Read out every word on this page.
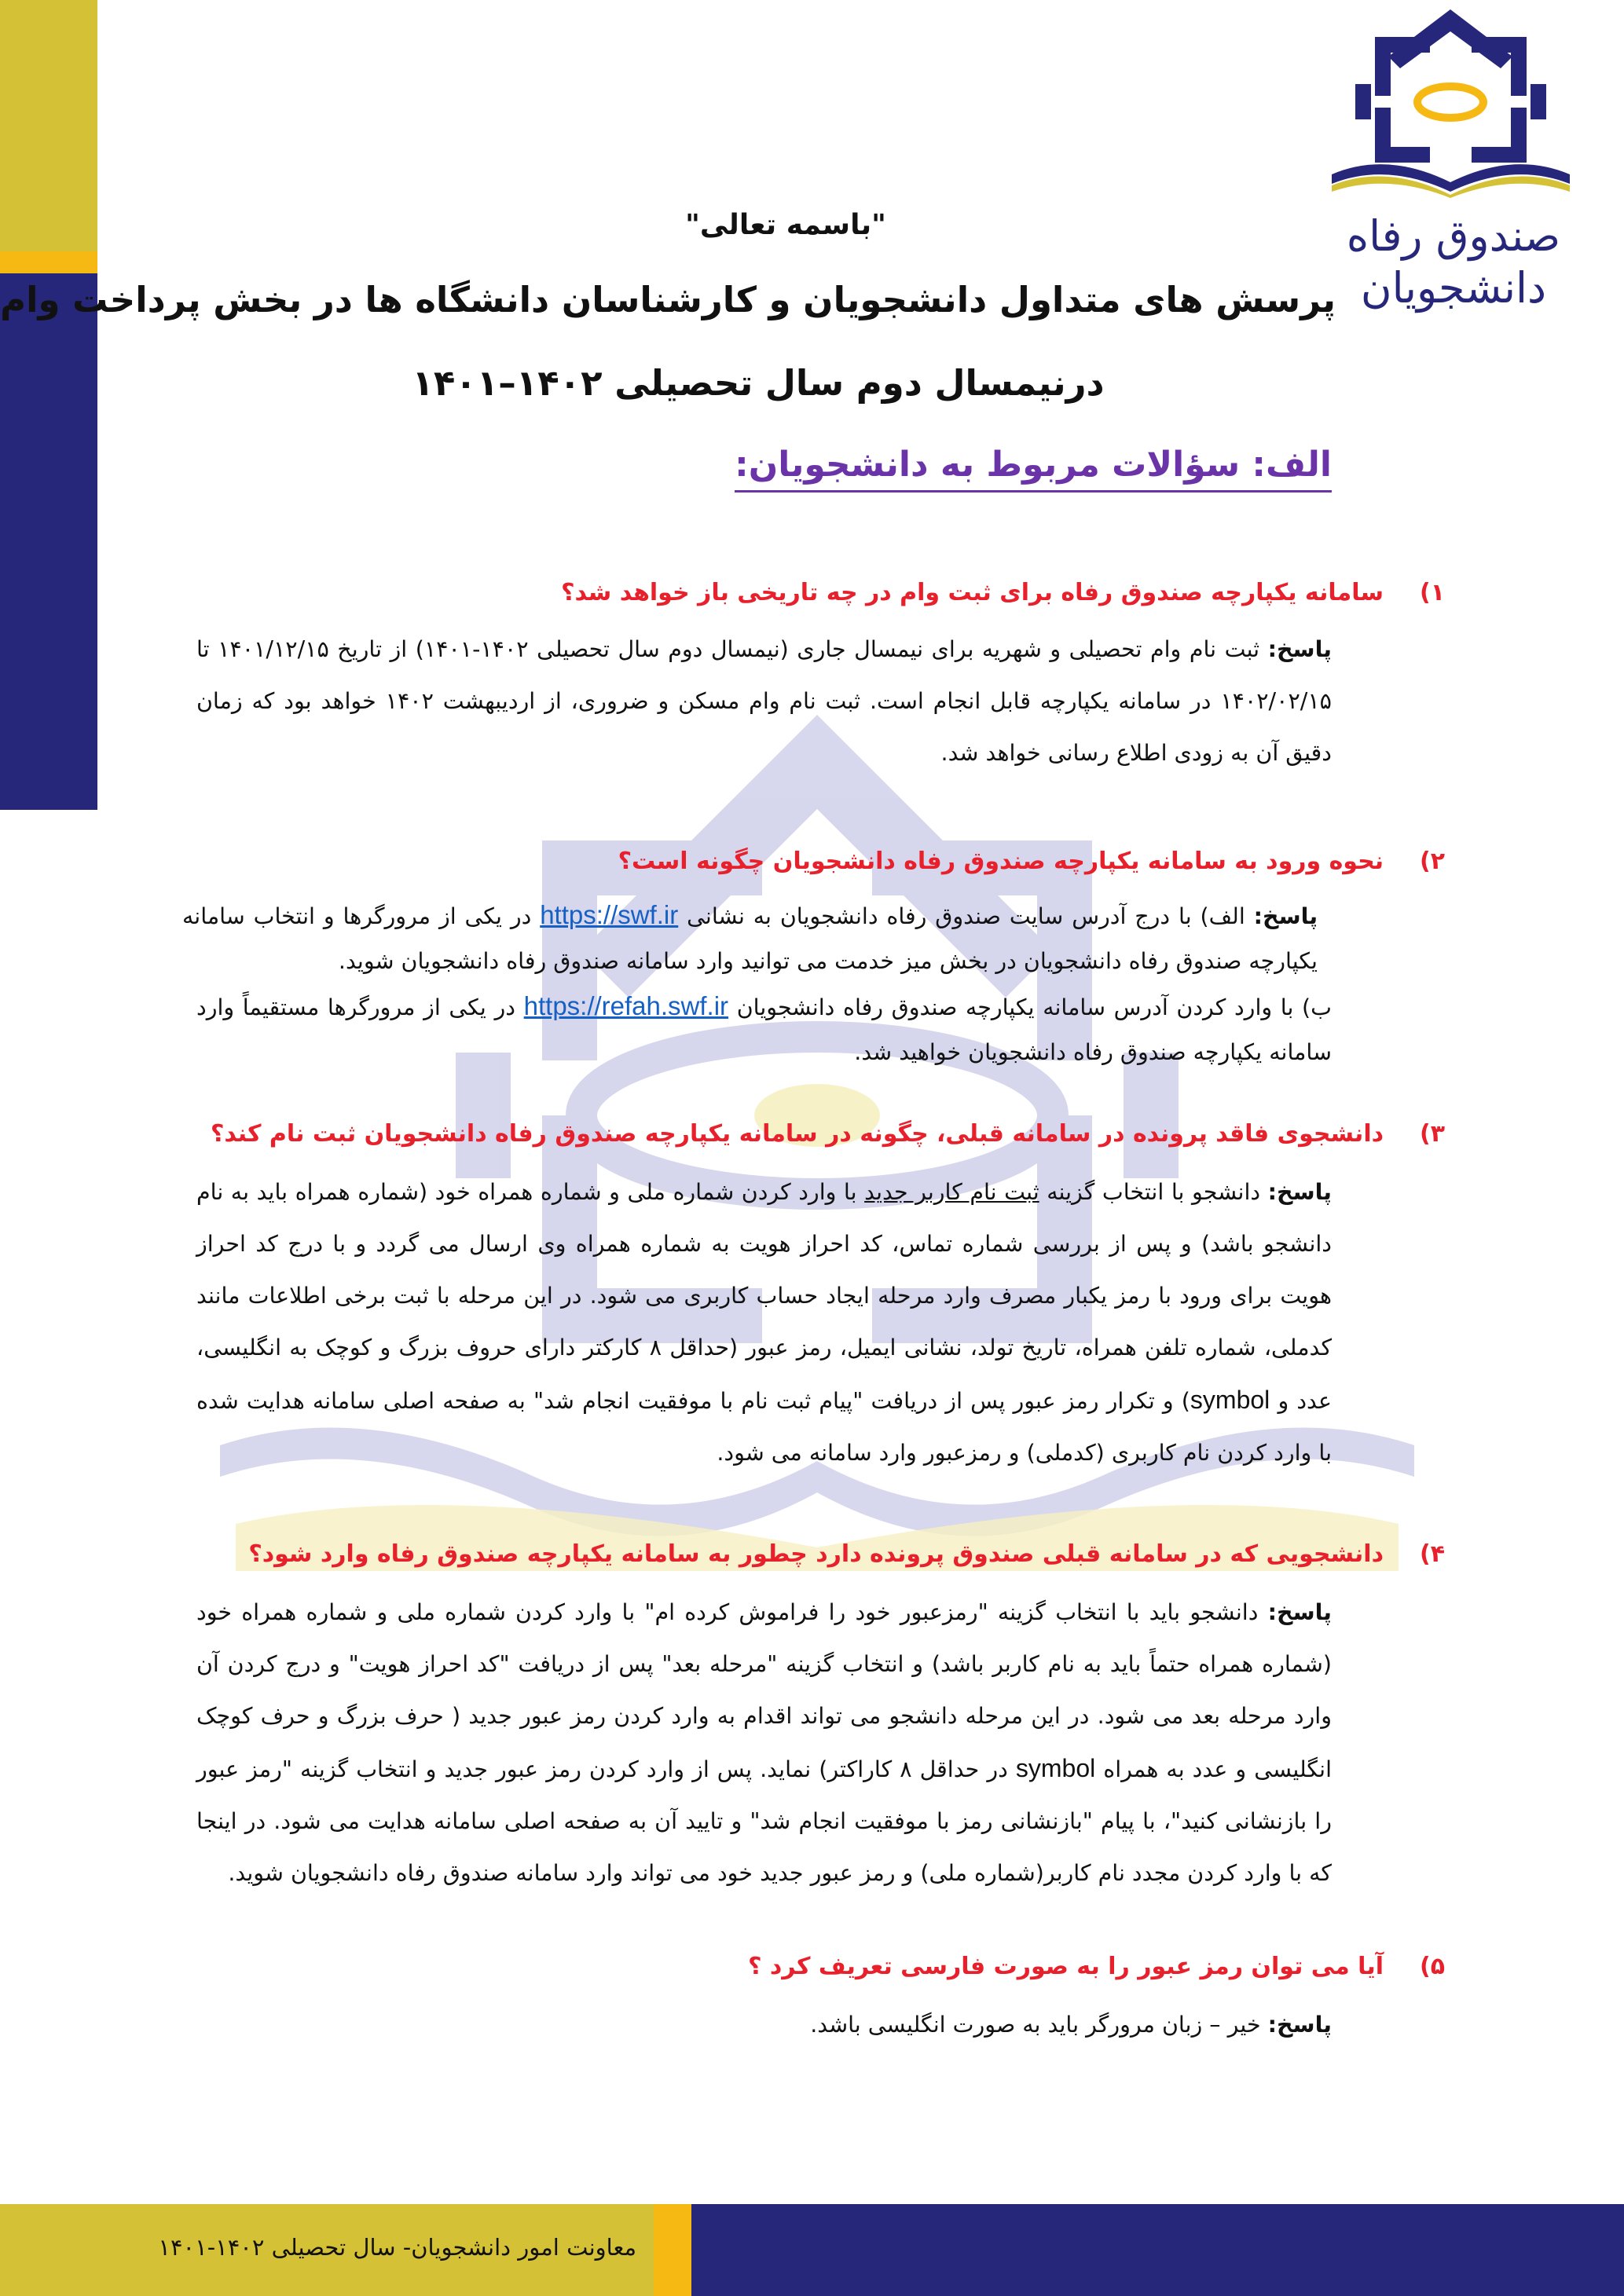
صندوق رفاه
دانشجویان
"باسمه تعالی"
پرسش های متداول دانشجویان و کارشناسان دانشگاه ها در بخش پرداخت وام
درنیمسال دوم سال تحصیلی ۱۴۰۲–۱۴۰۱
الف: سؤالات مربوط به دانشجویان:
۱)سامانه یکپارچه صندوق رفاه برای ثبت وام در چه تاریخی باز خواهد شد؟
پاسخ: ثبت نام وام تحصیلی و شهریه برای نیمسال جاری (نیمسال دوم سال تحصیلی ۱۴۰۲-۱۴۰۱) از تاریخ ۱۴۰۱/۱۲/۱۵ تا ۱۴۰۲/۰۲/۱۵ در سامانه یکپارچه قابل انجام است. ثبت نام وام مسکن و ضروری، از اردیبهشت ۱۴۰۲ خواهد بود که زمان دقیق آن به زودی اطلاع رسانی خواهد شد.
۲)نحوه ورود به سامانه یکپارچه صندوق رفاه دانشجویان چگونه است؟
پاسخ: الف) با درج آدرس سایت صندوق رفاه دانشجویان به نشانی https://swf.ir در یکی از مرورگرها و انتخاب سامانه یکپارچه صندوق رفاه دانشجویان در بخش میز خدمت می توانید وارد سامانه صندوق رفاه دانشجویان شوید.
ب) با وارد کردن آدرس سامانه یکپارچه صندوق رفاه دانشجویان https://refah.swf.ir در یکی از مرورگرها مستقیماً وارد سامانه یکپارچه صندوق رفاه دانشجویان خواهید شد.
۳)دانشجوی فاقد پرونده در سامانه قبلی، چگونه در سامانه یکپارچه صندوق رفاه دانشجویان ثبت نام کند؟
پاسخ: دانشجو با انتخاب گزینه ثبت نام کاربر جدید با وارد کردن شماره ملی و شماره همراه خود (شماره همراه باید به نام دانشجو باشد) و پس از بررسی شماره تماس، کد احراز هویت به شماره همراه وی ارسال می گردد و با درج کد احراز هویت برای ورود با رمز یکبار مصرف وارد مرحله ایجاد حساب کاربری می شود. در این مرحله با ثبت برخی اطلاعات مانند کدملی، شماره تلفن همراه، تاریخ تولد، نشانی ایمیل، رمز عبور (حداقل ۸ کارکتر دارای حروف بزرگ و کوچک به انگلیسی، عدد و symbol) و تکرار رمز عبور پس از دریافت "پیام ثبت نام با موفقیت انجام شد" به صفحه اصلی سامانه هدایت شده با وارد کردن نام کاربری (کدملی) و رمزعبور وارد سامانه می شود.
۴)دانشجویی که در سامانه قبلی صندوق پرونده دارد چطور به سامانه یکپارچه صندوق رفاه وارد شود؟
پاسخ: دانشجو باید با انتخاب گزینه "رمزعبور خود را فراموش کرده ام" با وارد کردن شماره ملی و شماره همراه خود (شماره همراه حتماً باید به نام کاربر باشد) و انتخاب گزینه "مرحله بعد" پس از دریافت "کد احراز هویت" و درج کردن آن وارد مرحله بعد می شود. در این مرحله دانشجو می تواند اقدام به وارد کردن رمز عبور جدید ( حرف بزرگ و حرف کوچک انگلیسی و عدد به همراه symbol در حداقل ۸ کاراکتر) نماید. پس از وارد کردن رمز عبور جدید و انتخاب گزینه "رمز عبور را بازنشانی کنید"، با پیام "بازنشانی رمز با موفقیت انجام شد" و تایید آن به صفحه اصلی سامانه هدایت می شود. در اینجا که با وارد کردن مجدد نام کاربر(شماره ملی) و رمز عبور جدید خود می تواند وارد سامانه صندوق رفاه دانشجویان شوید.
۵)آیا می توان رمز عبور را به صورت فارسی تعریف کرد ؟
پاسخ: خیر – زبان مرورگر باید به صورت انگلیسی باشد.
معاونت امور دانشجویان- سال تحصیلی ۱۴۰۲-۱۴۰۱
